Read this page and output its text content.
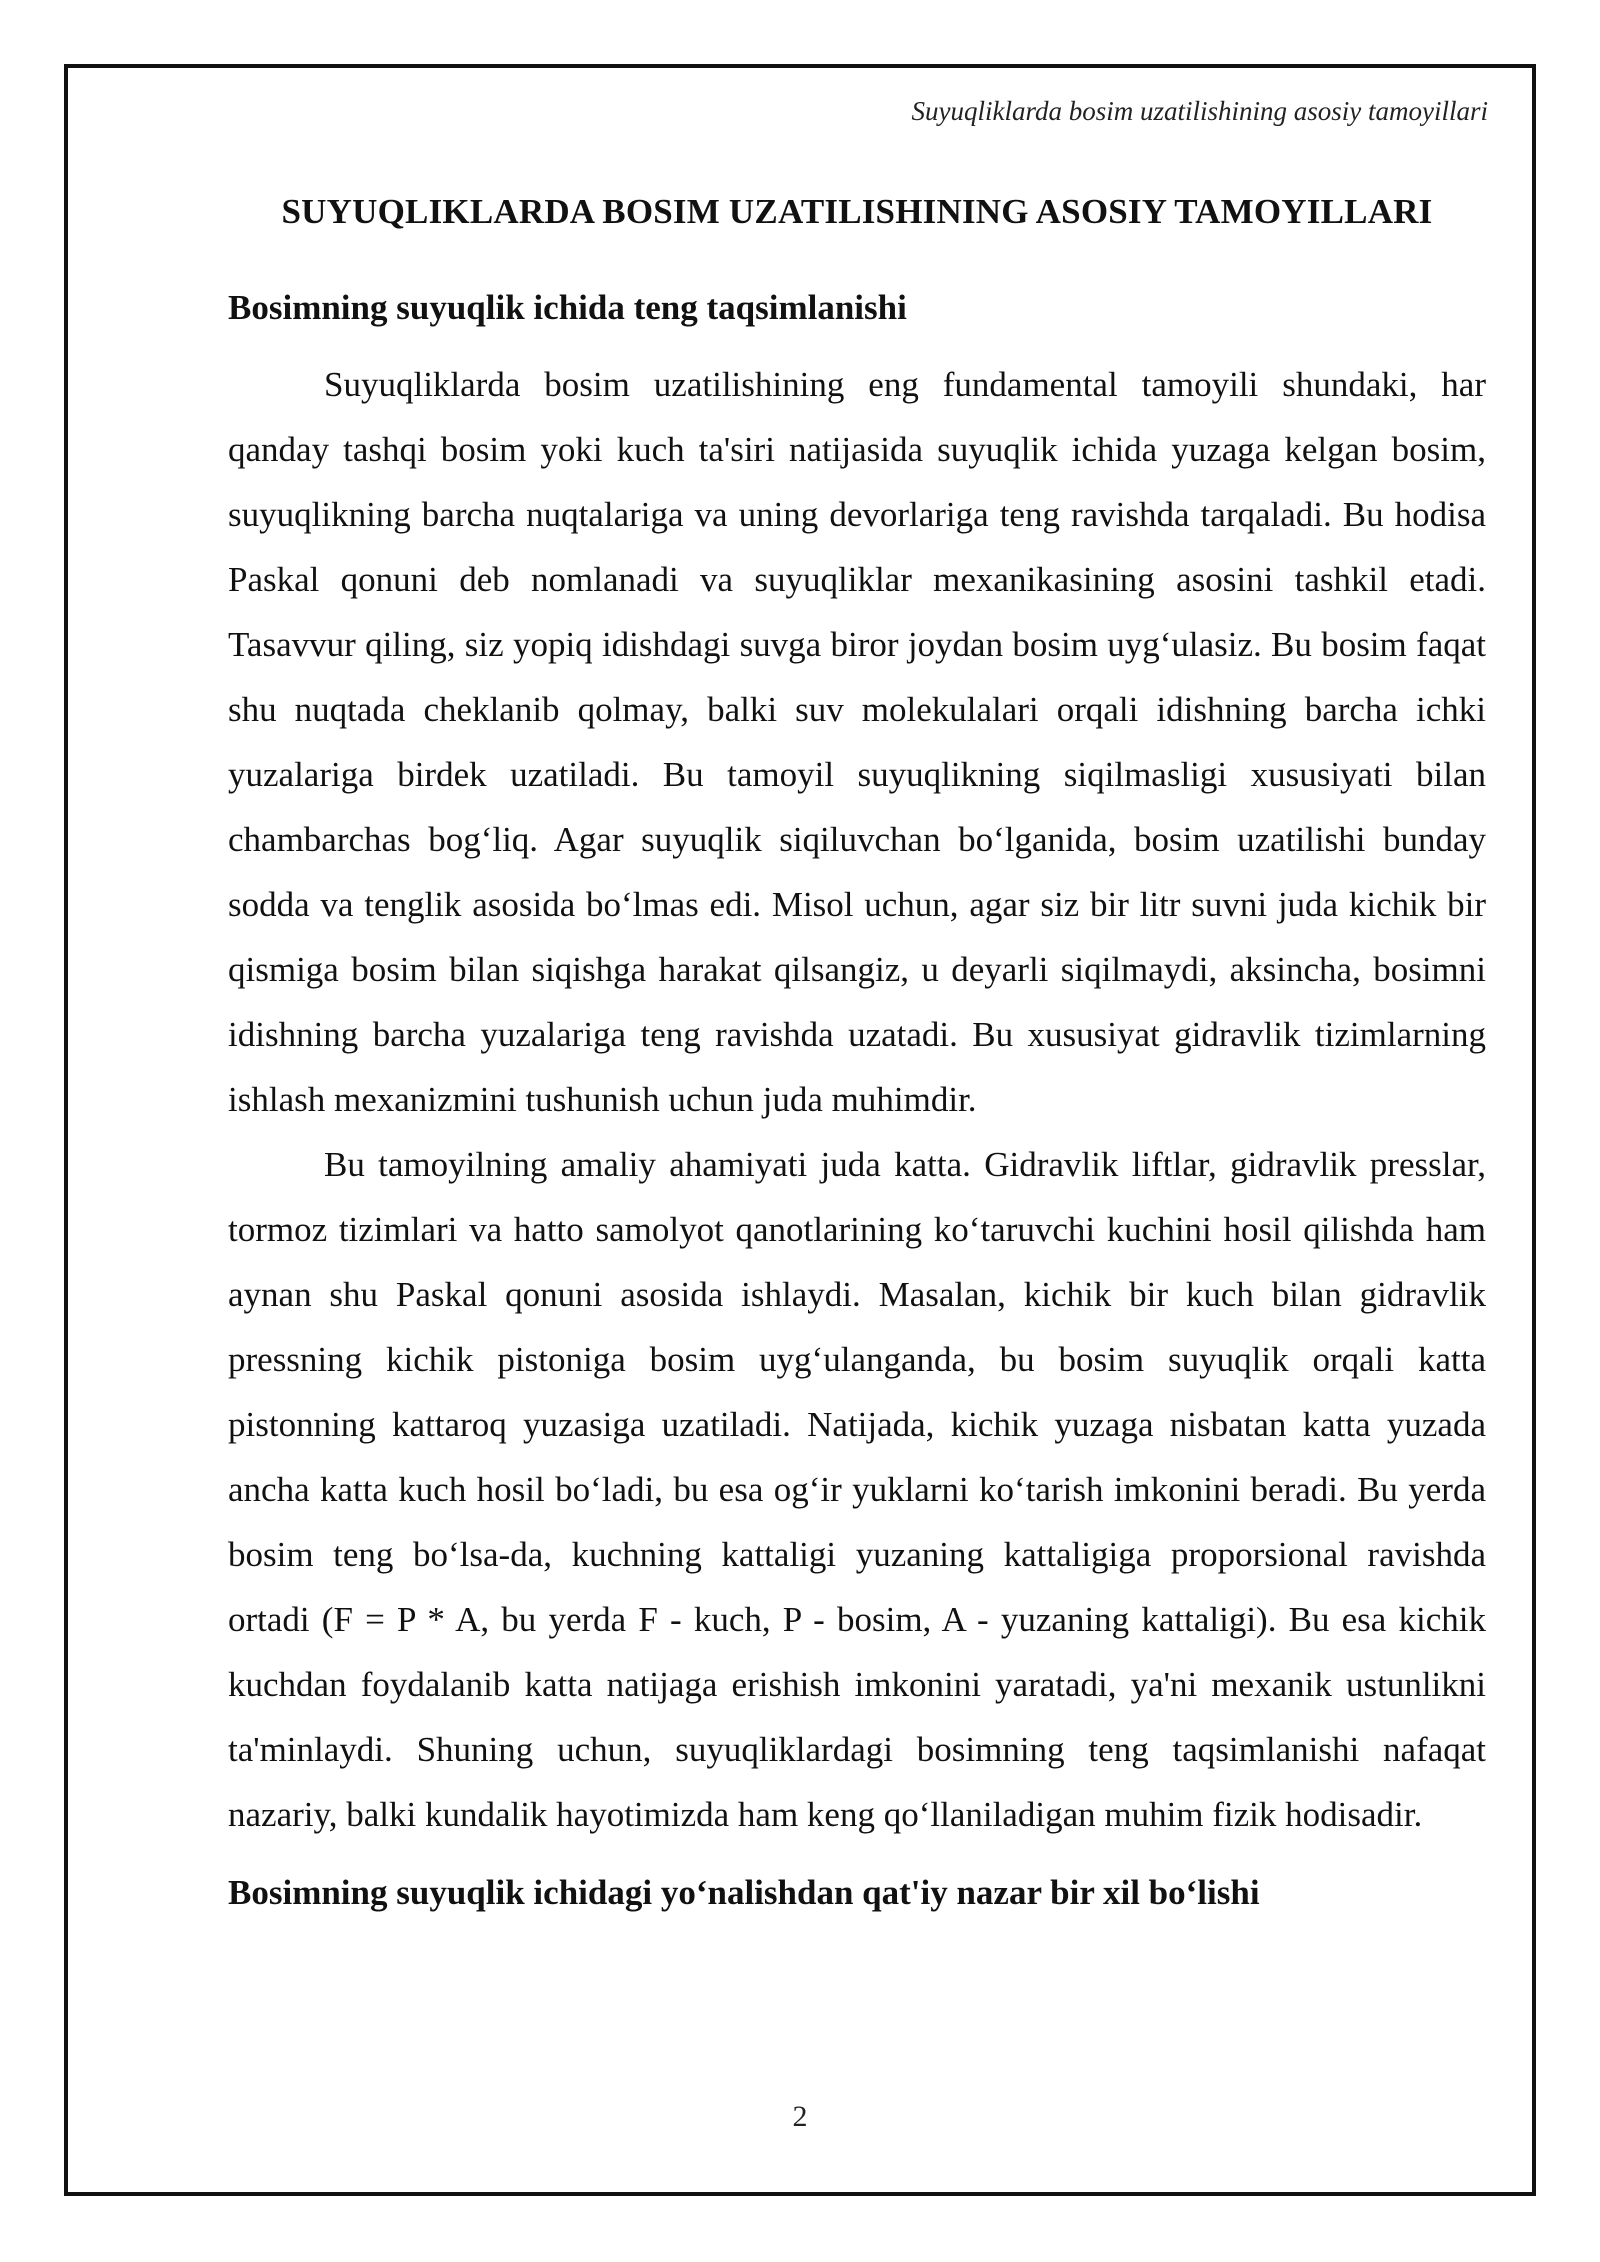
Suyuqliklarda bosim uzatilishining asosiy tamoyillari
SUYUQLIKLARDA BOSIM UZATILISHINING ASOSIY TAMOYILLARI
Bosimning suyuqlik ichida teng taqsimlanishi

Suyuqliklarda bosim uzatilishining eng fundamental tamoyili shundaki, har qanday tashqi bosim yoki kuch ta'siri natijasida suyuqlik ichida yuzaga kelgan bosim, suyuqlikning barcha nuqtalariga va uning devorlariga teng ravishda tarqaladi. Bu hodisa Paskal qonuni deb nomlanadi va suyuqliklar mexanikasining asosini tashkil etadi. Tasavvur qiling, siz yopiq idishdagi suvga biror joydan bosim uyg‘ulasiz. Bu bosim faqat shu nuqtada cheklanib qolmay, balki suv molekulalari orqali idishning barcha ichki yuzalariga birdek uzatiladi. Bu tamoyil suyuqlikning siqilmasligi xususiyati bilan chambarchas bog‘liq. Agar suyuqlik siqiluvchan bo‘lganida, bosim uzatilishi bunday sodda va tenglik asosida bo‘lmas edi. Misol uchun, agar siz bir litr suvni juda kichik bir qismiga bosim bilan siqishga harakat qilsangiz, u deyarli siqilmaydi, aksincha, bosimni idishning barcha yuzalariga teng ravishda uzatadi. Bu xususiyat gidravlik tizimlarning ishlash mexanizmini tushunish uchun juda muhimdir.

Bu tamoyilning amaliy ahamiyati juda katta. Gidravlik liftlar, gidravlik presslar, tormoz tizimlari va hatto samolyot qanotlarining ko‘taruvchi kuchini hosil qilishda ham aynan shu Paskal qonuni asosida ishlaydi. Masalan, kichik bir kuch bilan gidravlik pressning kichik pistoniga bosim uyg‘ulanganda, bu bosim suyuqlik orqali katta pistonning kattaroq yuzasiga uzatiladi. Natijada, kichik yuzaga nisbatan katta yuzada ancha katta kuch hosil bo‘ladi, bu esa og‘ir yuklarni ko‘tarish imkonini beradi. Bu yerda bosim teng bo‘lsa-da, kuchning kattaligi yuzaning kattaligiga proporsional ravishda ortadi (F = P * A, bu yerda F - kuch, P - bosim, A - yuzaning kattaligi). Bu esa kichik kuchdan foydalanib katta natijaga erishish imkonini yaratadi, ya'ni mexanik ustunlikni ta'minlaydi. Shuning uchun, suyuqliklardagi bosimning teng taqsimlanishi nafaqat nazariy, balki kundalik hayotimizda ham keng qo‘llaniladigan muhim fizik hodisadir.

Bosimning suyuqlik ichidagi yo‘nalishdan qat'iy nazar bir xil bo‘lishi
2
